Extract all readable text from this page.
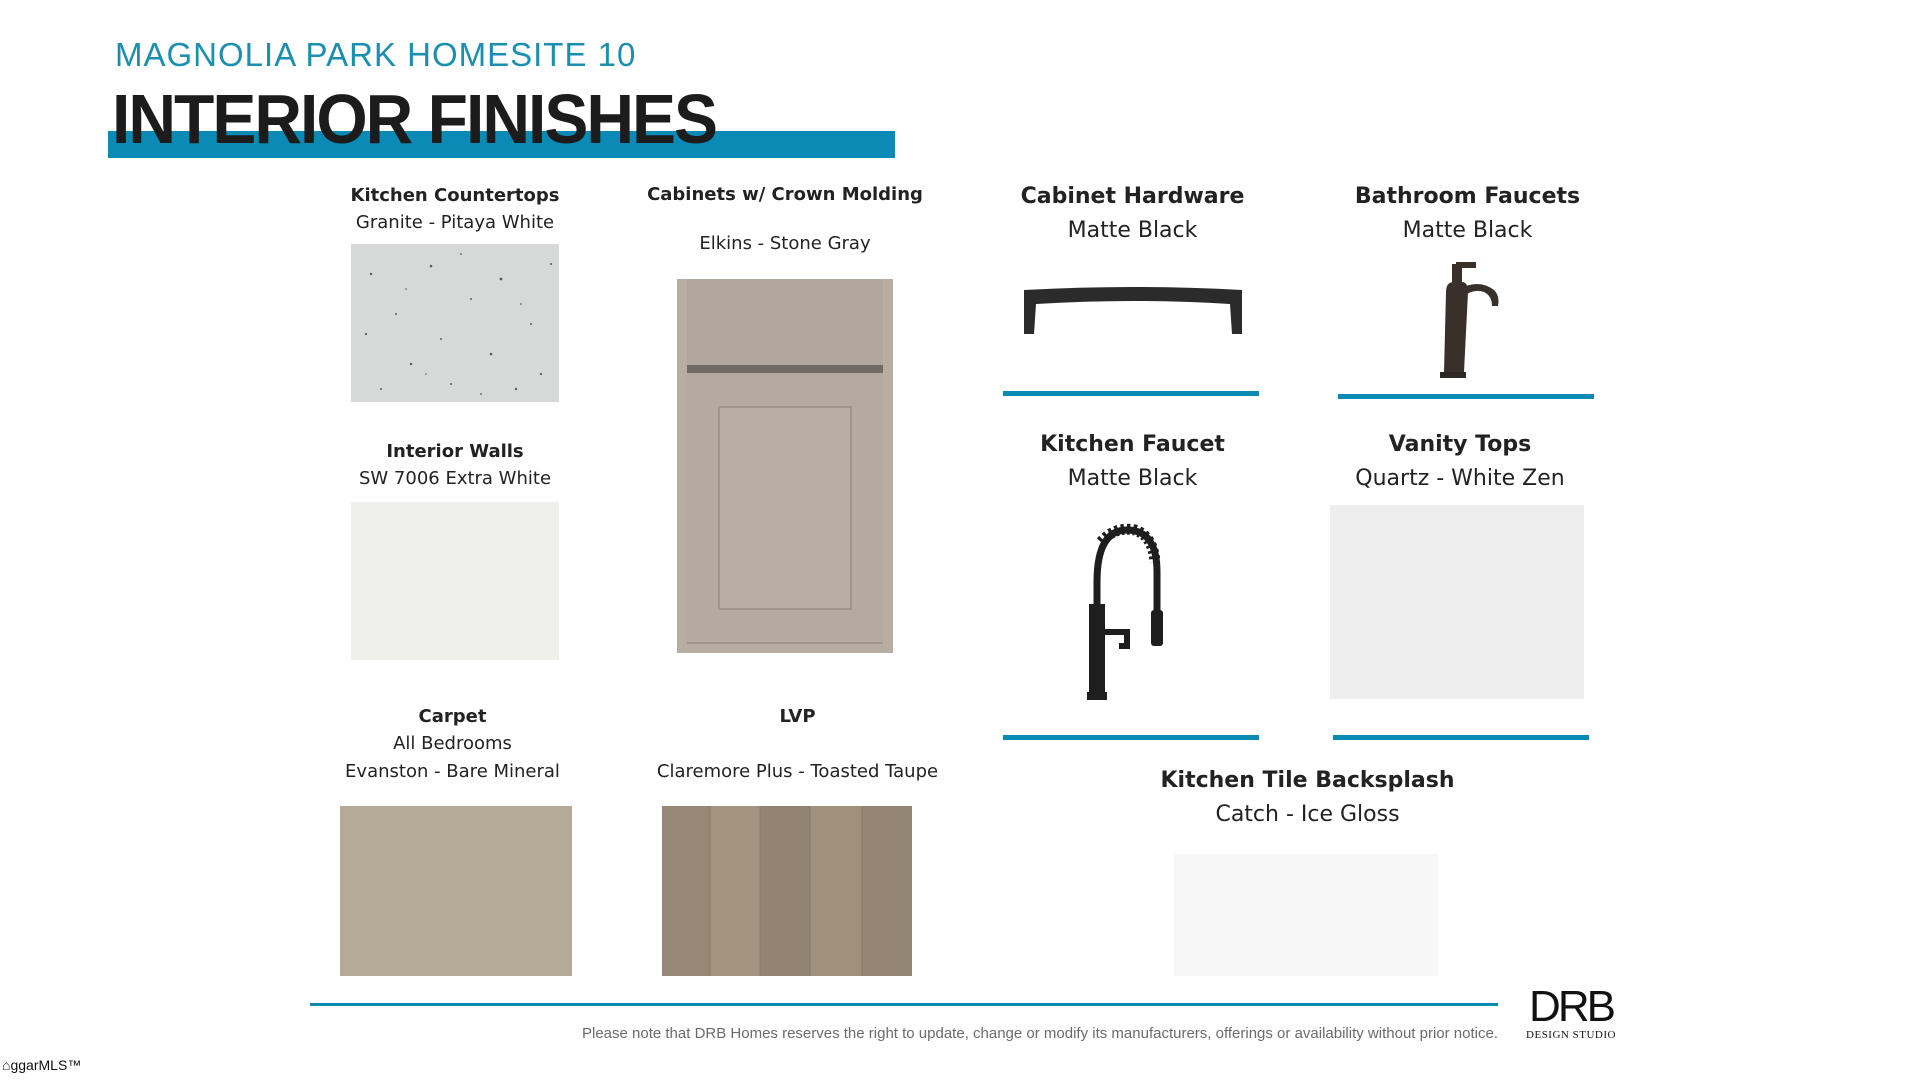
MAGNOLIA PARK HOMESITE 10
INTERIOR FINISHES
Kitchen Countertops
Granite - Pitaya White
Cabinets w/ Crown Molding
Elkins - Stone Gray
Cabinet Hardware
Matte Black
Bathroom Faucets
Matte Black
Interior Walls
SW 7006 Extra White
Kitchen Faucet
Matte Black
Vanity Tops
Quartz - White Zen
Carpet
All Bedrooms
Evanston - Bare Mineral
LVP
Claremore Plus - Toasted Taupe	Kitchen Tile Backsplash
Catch - Ice Gloss
Please note that DRB Homes reserves the right to update, change or modify its manufacturers, offerings or availability without prior notice.
DRB
DESIGN STUDIO
⌂ggarMLS™
